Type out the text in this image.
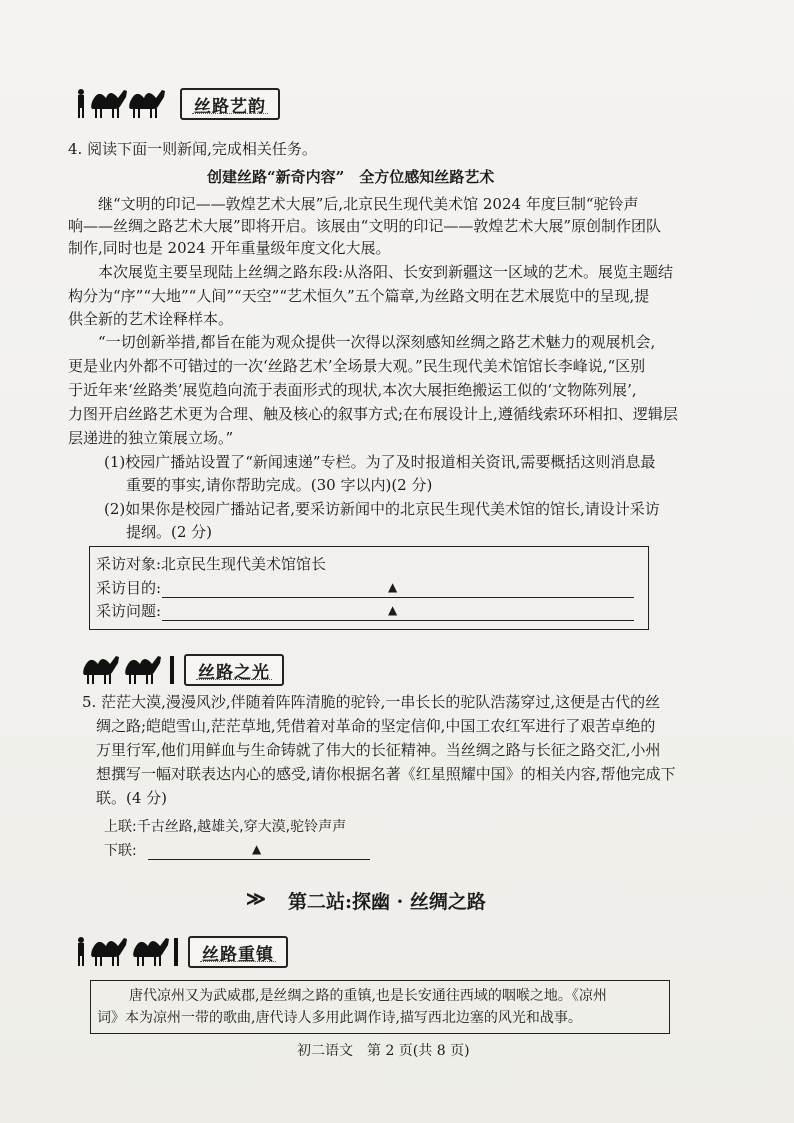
丝路艺韵
4. 阅读下面一则新闻,完成相关任务。
创建丝路“新奇内容”　全方位感知丝路艺术
继“文明的印记——敦煌艺术大展”后,北京民生现代美术馆 2024 年度巨制“驼铃声
响——丝绸之路艺术大展”即将开启。该展由“文明的印记——敦煌艺术大展”原创制作团队
制作,同时也是 2024 开年重量级年度文化大展。
本次展览主要呈现陆上丝绸之路东段:从洛阳、长安到新疆这一区域的艺术。展览主题结
构分为“序”“大地”“人间”“天空”“艺术恒久”五个篇章,为丝路文明在艺术展览中的呈现,提
供全新的艺术诠释样本。
“一切创新举措,都旨在能为观众提供一次得以深刻感知丝绸之路艺术魅力的观展机会,
更是业内外都不可错过的一次‘丝路艺术’全场景大观。”民生现代美术馆馆长李峰说,“区别
于近年来‘丝路类’展览趋向流于表面形式的现状,本次大展拒绝搬运工似的‘文物陈列展’,
力图开启丝路艺术更为合理、触及核心的叙事方式;在布展设计上,遵循线索环环相扣、逻辑层
层递进的独立策展立场。”
(1)校园广播站设置了“新闻速递”专栏。为了及时报道相关资讯,需要概括这则消息最
重要的事实,请你帮助完成。(30 字以内)(2 分)
(2)如果你是校园广播站记者,要采访新闻中的北京民生现代美术馆的馆长,请设计采访
提纲。(2 分)
采访对象:北京民生现代美术馆馆长
采访目的:	▲
采访问题:	▲
丝路之光
5. 茫茫大漠,漫漫风沙,伴随着阵阵清脆的驼铃,一串长长的驼队浩荡穿过,这便是古代的丝
绸之路;皑皑雪山,茫茫草地,凭借着对革命的坚定信仰,中国工农红军进行了艰苦卓绝的
万里行军,他们用鲜血与生命铸就了伟大的长征精神。当丝绸之路与长征之路交汇,小州
想撰写一幅对联表达内心的感受,请你根据名著《红星照耀中国》的相关内容,帮他完成下
联。(4 分)
上联:千古丝路,越雄关,穿大漠,驼铃声声
下联:	▲
≫ 第二站:探幽 · 丝绸之路
丝路重镇
唐代凉州又为武威郡,是丝绸之路的重镇,也是长安通往西域的咽喉之地。《凉州
词》本为凉州一带的歌曲,唐代诗人多用此调作诗,描写西北边塞的风光和战事。
初二语文　第 2 页(共 8 页)
